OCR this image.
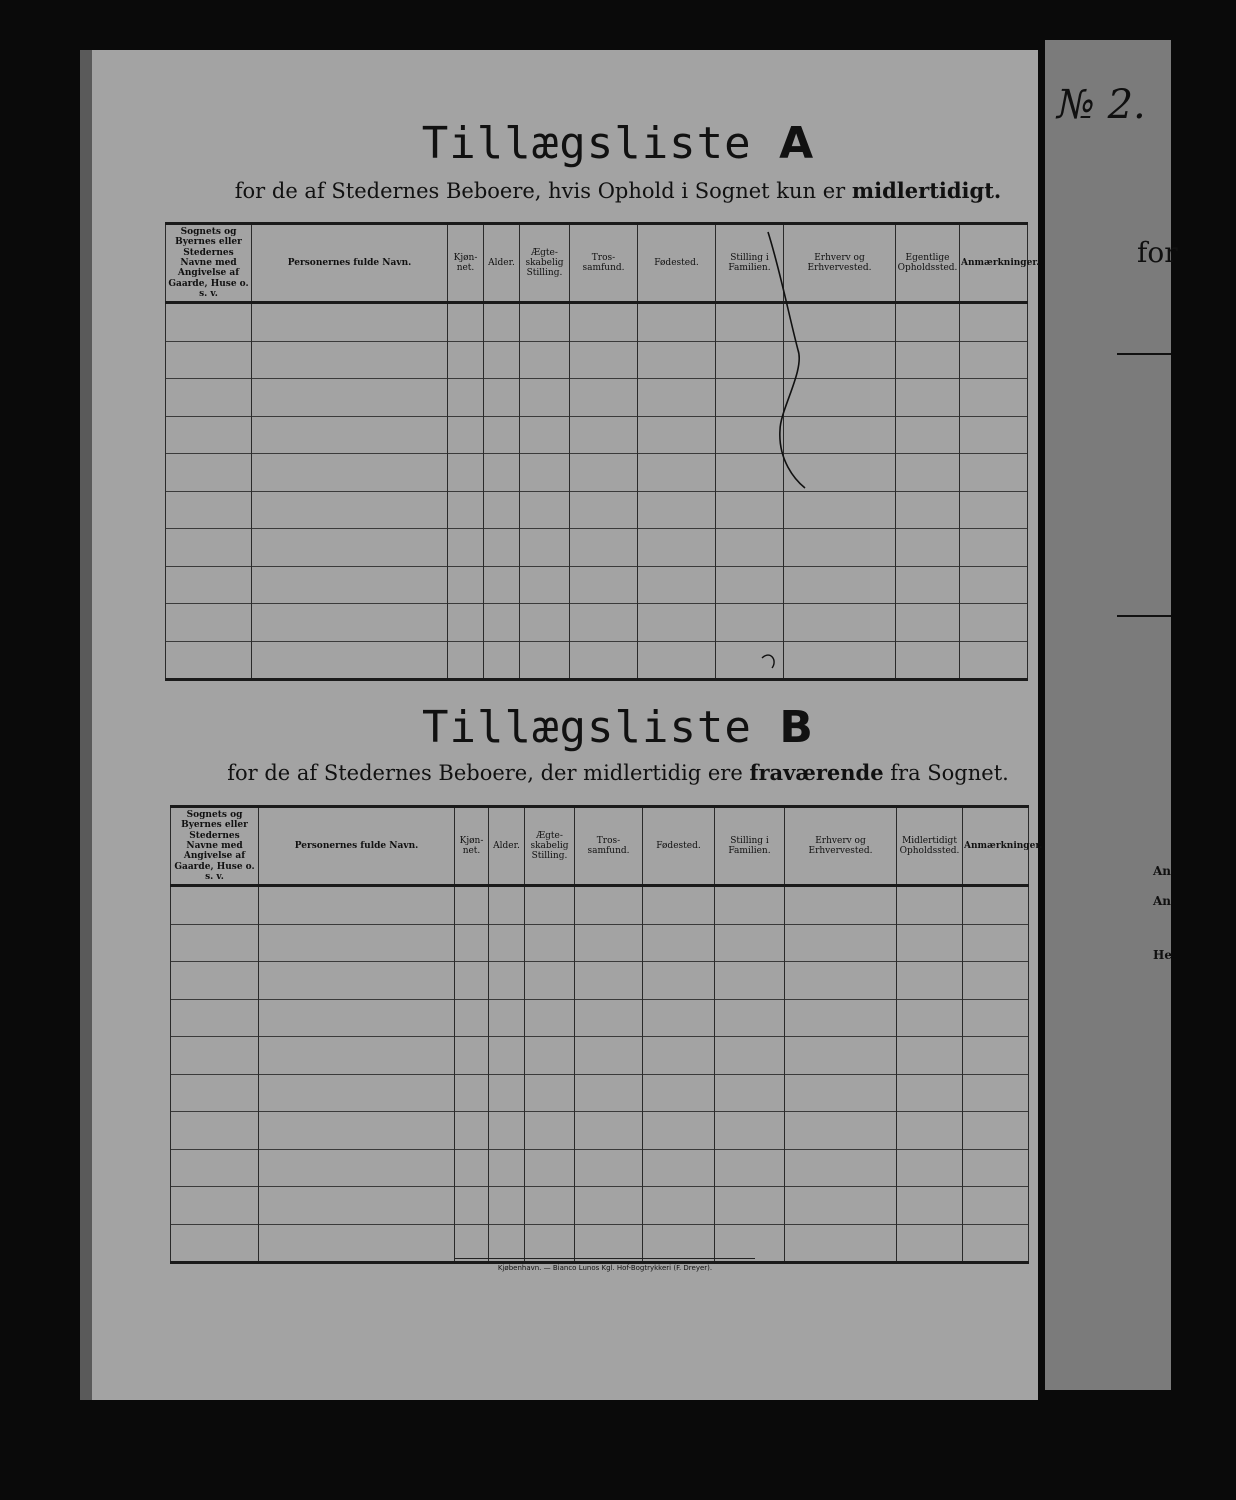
Tillægsliste A
for de af Stedernes Beboere, hvis Ophold i Sognet kun er midlertidigt.
Sognets og Byernes eller Stedernes Navne med Angivelse af Gaarde, Huse o. s. v.	Personernes fulde Navn.	Kjøn-net.	Alder.	Ægte-skabelig Stilling.	Tros-samfund.	Fødested.	Stilling i Familien.	Erhverv og Erhvervested.	Egentlige Opholdssted.	Anmærkninger.

Tillægsliste B
for de af Stedernes Beboere, der midlertidig ere fraværende fra Sognet.
Sognets og Byernes eller Stedernes Navne med Angivelse af Gaarde, Huse o. s. v.	Personernes fulde Navn.	Kjøn-net.	Alder.	Ægte-skabelig Stilling.	Tros-samfund.	Fødested.	Stilling i Familien.	Erhverv og Erhvervested.	Midlertidigt Opholdssted.	Anmærkninger.

Kjøbenhavn. — Bianco Lunos Kgl. Hof-Bogtrykkeri (F. Dreyer).
№ 2.
for
An
An
He
